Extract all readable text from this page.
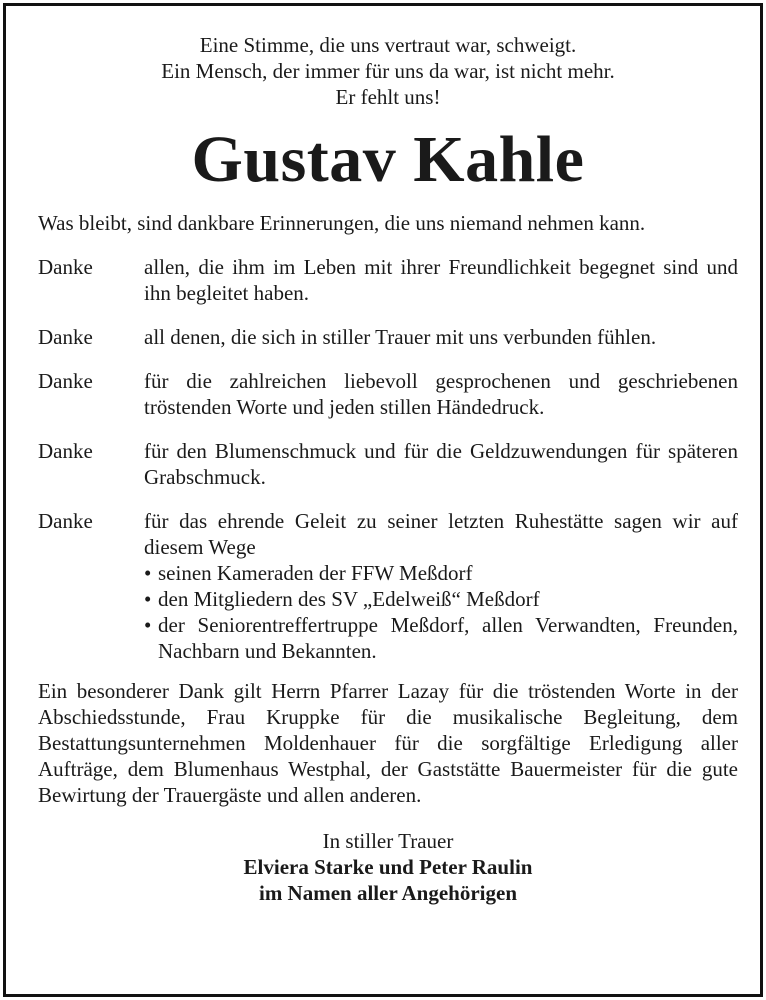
Eine Stimme, die uns vertraut war, schweigt.
Ein Mensch, der immer für uns da war, ist nicht mehr.
Er fehlt uns!
Gustav Kahle
Was bleibt, sind dankbare Erinnerungen, die uns niemand nehmen kann.
Danke	allen, die ihm im Leben mit ihrer Freundlichkeit begegnet sind und ihn begleitet haben.
Danke	all denen, die sich in stiller Trauer mit uns verbunden fühlen.
Danke	für die zahlreichen liebevoll gesprochenen und geschriebenen tröstenden Worte und jeden stillen Händedruck.
Danke	für den Blumenschmuck und für die Geldzuwendungen für späteren Grabschmuck.
Danke	für das ehrende Geleit zu seiner letzten Ruhestätte sagen wir auf diesem Wege
• seinen Kameraden der FFW Meßdorf
• den Mitgliedern des SV „Edelweiß“ Meßdorf
• der Seniorentreffertruppe Meßdorf, allen Verwandten, Freunden, Nachbarn und Bekannten.
Ein besonderer Dank gilt Herrn Pfarrer Lazay für die tröstenden Worte in der Abschiedsstunde, Frau Kruppke für die musikalische Begleitung, dem Bestattungsunternehmen Moldenhauer für die sorgfältige Erledigung aller Aufträge, dem Blumenhaus Westphal, der Gaststätte Bauermeister für die gute Bewirtung der Trauergäste und allen anderen.
In stiller Trauer
Elviera Starke und Peter Raulin
im Namen aller Angehörigen
